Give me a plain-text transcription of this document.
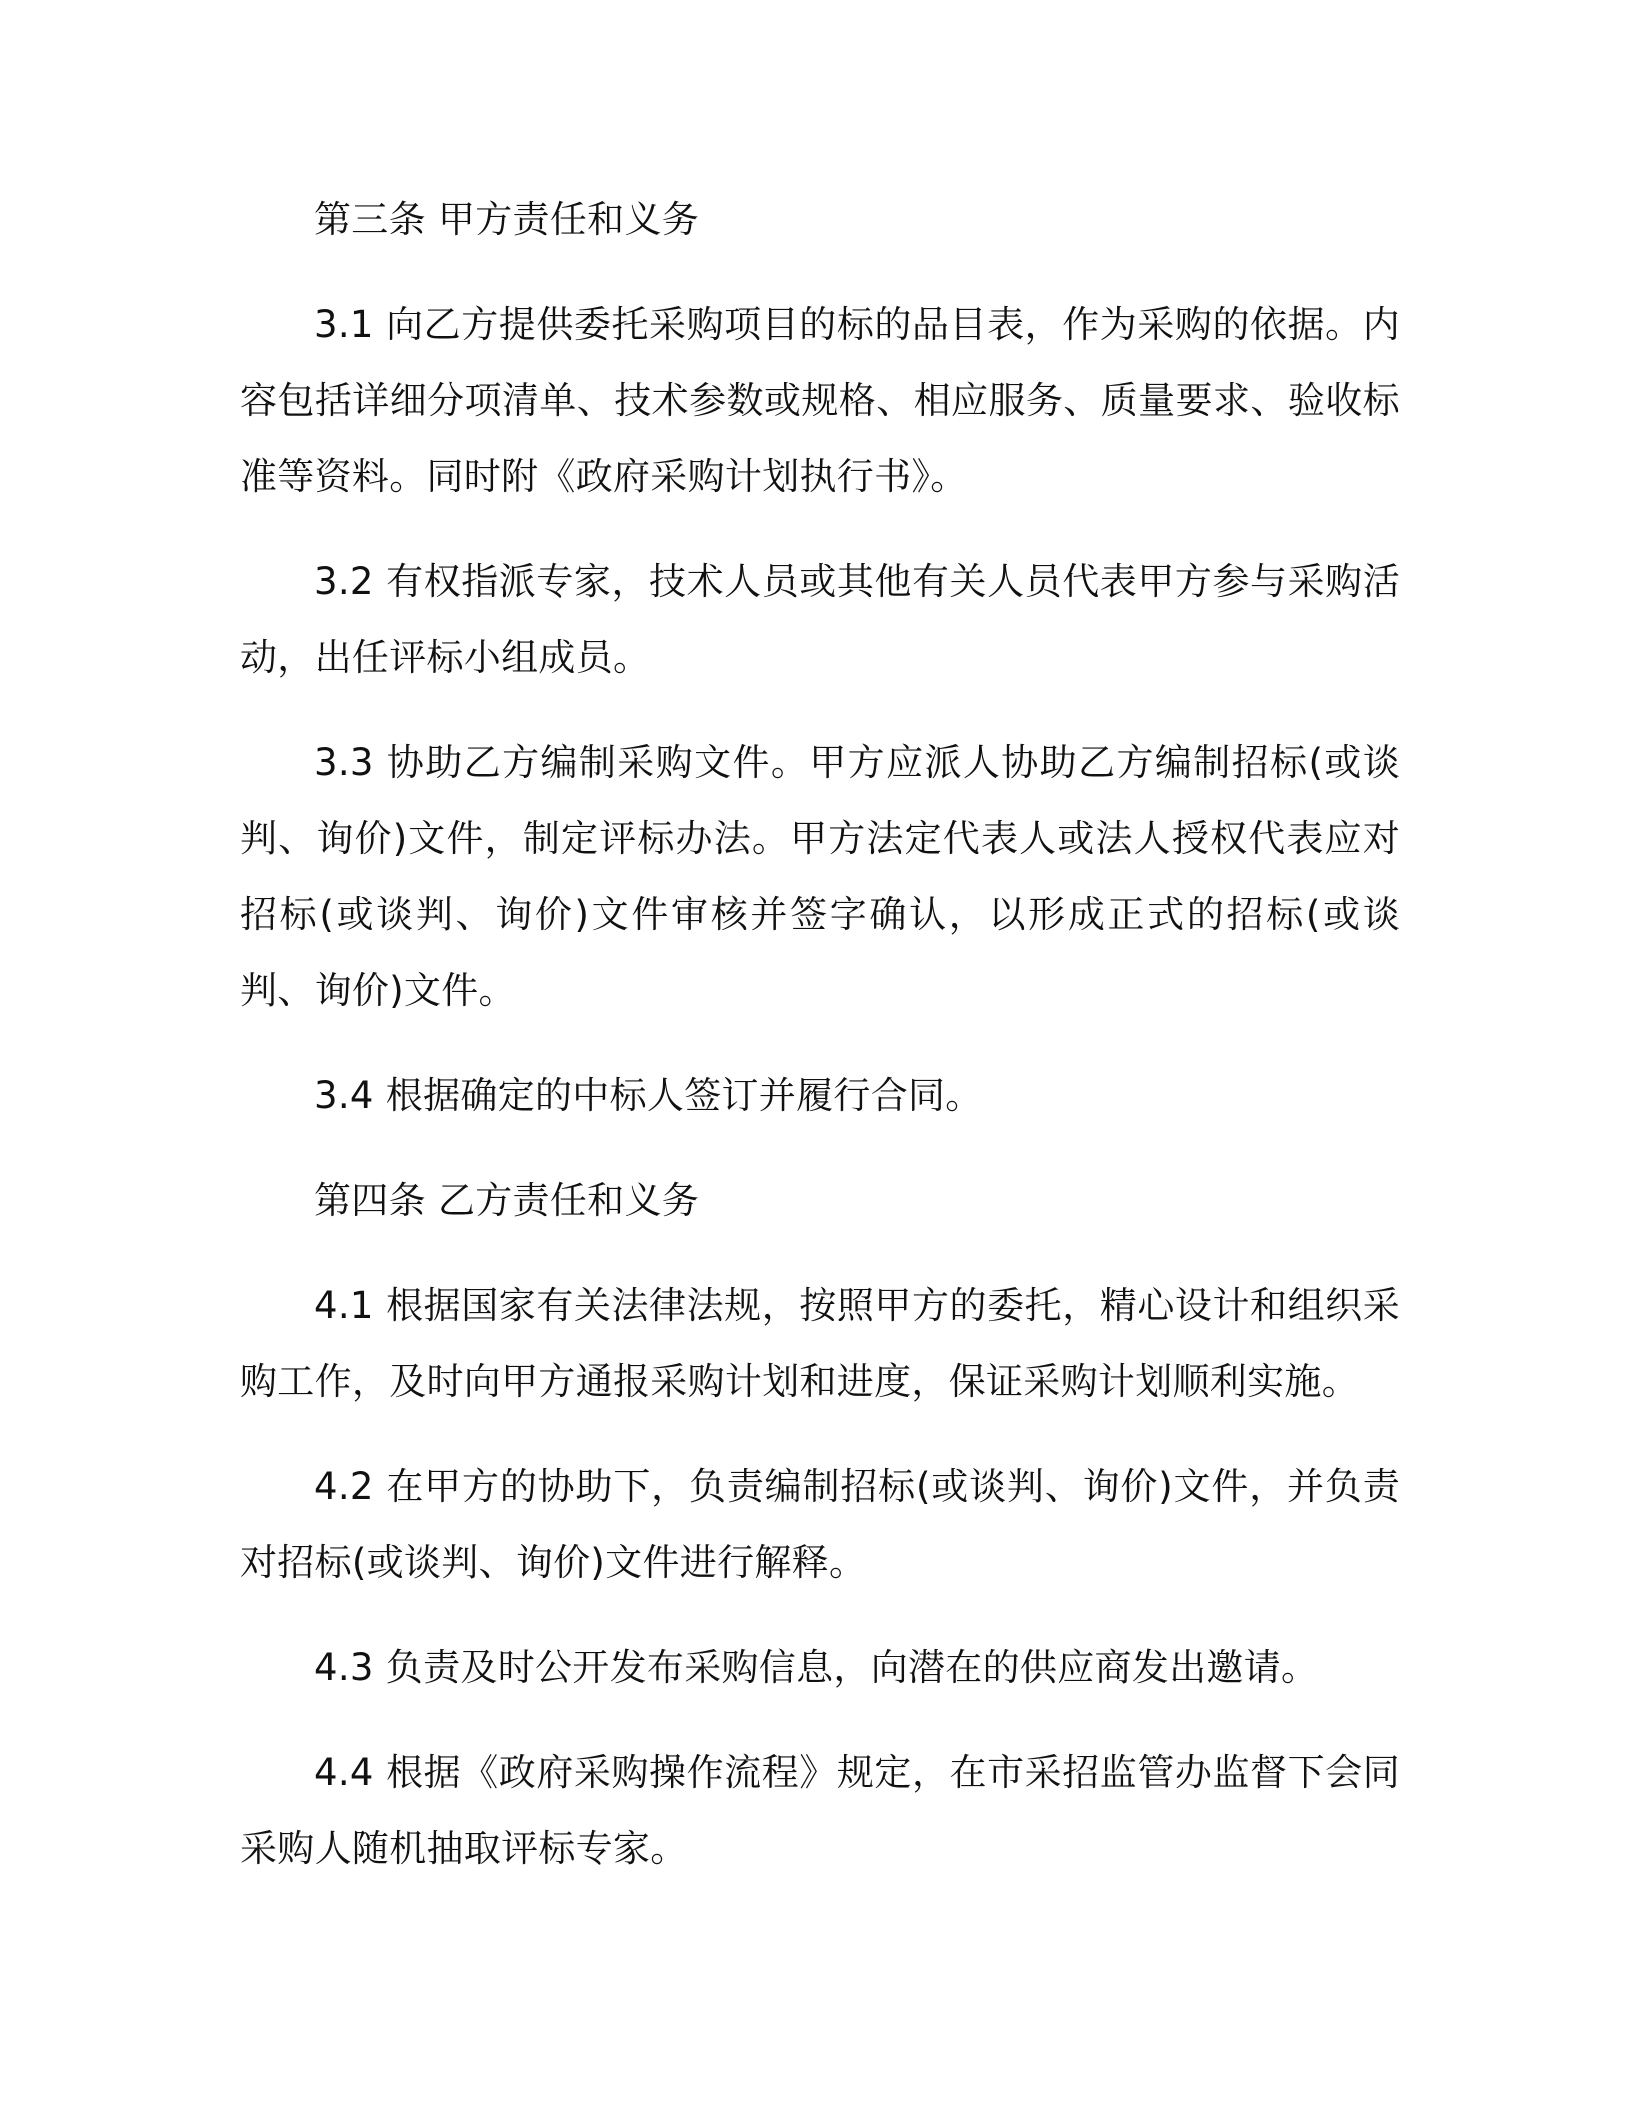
第三条 甲方责任和义务

3.1 向乙方提供委托采购项目的标的品目表，作为采购的依据。内容包括详细分项清单、技术参数或规格、相应服务、质量要求、验收标准等资料。同时附《政府采购计划执行书》。

3.2 有权指派专家，技术人员或其他有关人员代表甲方参与采购活动，出任评标小组成员。

3.3 协助乙方编制采购文件。甲方应派人协助乙方编制招标(或谈判、询价)文件，制定评标办法。甲方法定代表人或法人授权代表应对招标(或谈判、询价)文件审核并签字确认，以形成正式的招标(或谈判、询价)文件。

3.4 根据确定的中标人签订并履行合同。

第四条 乙方责任和义务

4.1 根据国家有关法律法规，按照甲方的委托，精心设计和组织采购工作，及时向甲方通报采购计划和进度，保证采购计划顺利实施。

4.2 在甲方的协助下，负责编制招标(或谈判、询价)文件，并负责对招标(或谈判、询价)文件进行解释。

4.3 负责及时公开发布采购信息，向潜在的供应商发出邀请。

4.4 根据《政府采购操作流程》规定，在市采招监管办监督下会同采购人随机抽取评标专家。
